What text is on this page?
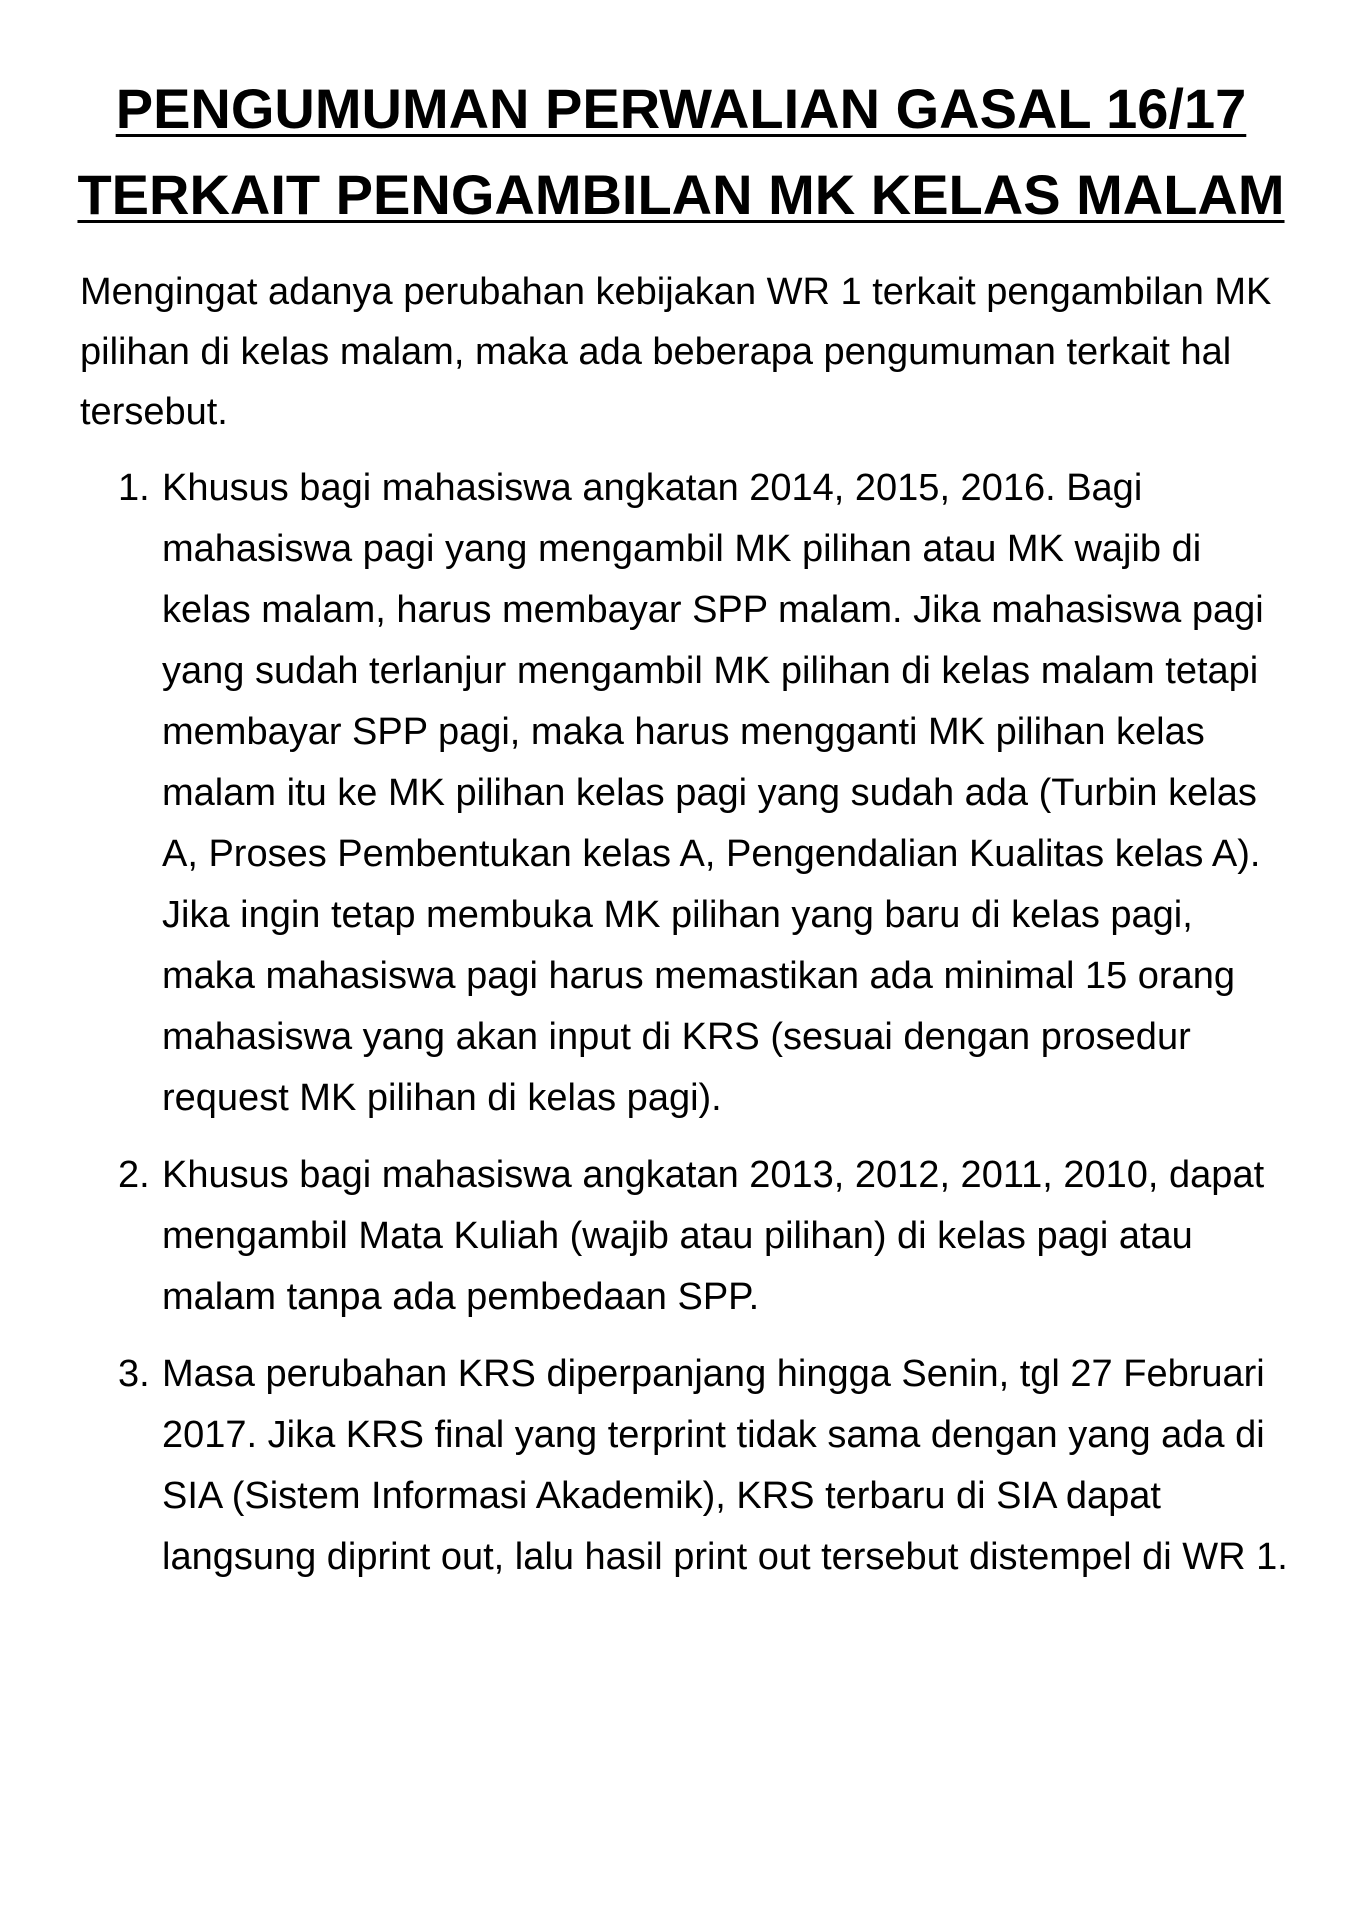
PENGUMUMAN PERWALIAN GASAL 16/17
TERKAIT PENGAMBILAN MK KELAS MALAM

Mengingat adanya perubahan kebijakan WR 1 terkait pengambilan MK pilihan di kelas malam, maka ada beberapa pengumuman terkait hal tersebut.

1. Khusus bagi mahasiswa angkatan 2014, 2015, 2016. Bagi mahasiswa pagi yang mengambil MK pilihan atau MK wajib di kelas malam, harus membayar SPP malam. Jika mahasiswa pagi yang sudah terlanjur mengambil MK pilihan di kelas malam tetapi membayar SPP pagi, maka harus mengganti MK pilihan kelas malam itu ke MK pilihan kelas pagi yang sudah ada (Turbin kelas A, Proses Pembentukan kelas A, Pengendalian Kualitas kelas A). Jika ingin tetap membuka MK pilihan yang baru di kelas pagi, maka mahasiswa pagi harus memastikan ada minimal 15 orang mahasiswa yang akan input di KRS (sesuai dengan prosedur request MK pilihan di kelas pagi).
2. Khusus bagi mahasiswa angkatan 2013, 2012, 2011, 2010, dapat mengambil Mata Kuliah (wajib atau pilihan) di kelas pagi atau malam tanpa ada pembedaan SPP.
3. Masa perubahan KRS diperpanjang hingga Senin, tgl 27 Februari 2017. Jika KRS final yang terprint tidak sama dengan yang ada di SIA (Sistem Informasi Akademik), KRS terbaru di SIA dapat langsung diprint out, lalu hasil print out tersebut distempel di WR 1.
